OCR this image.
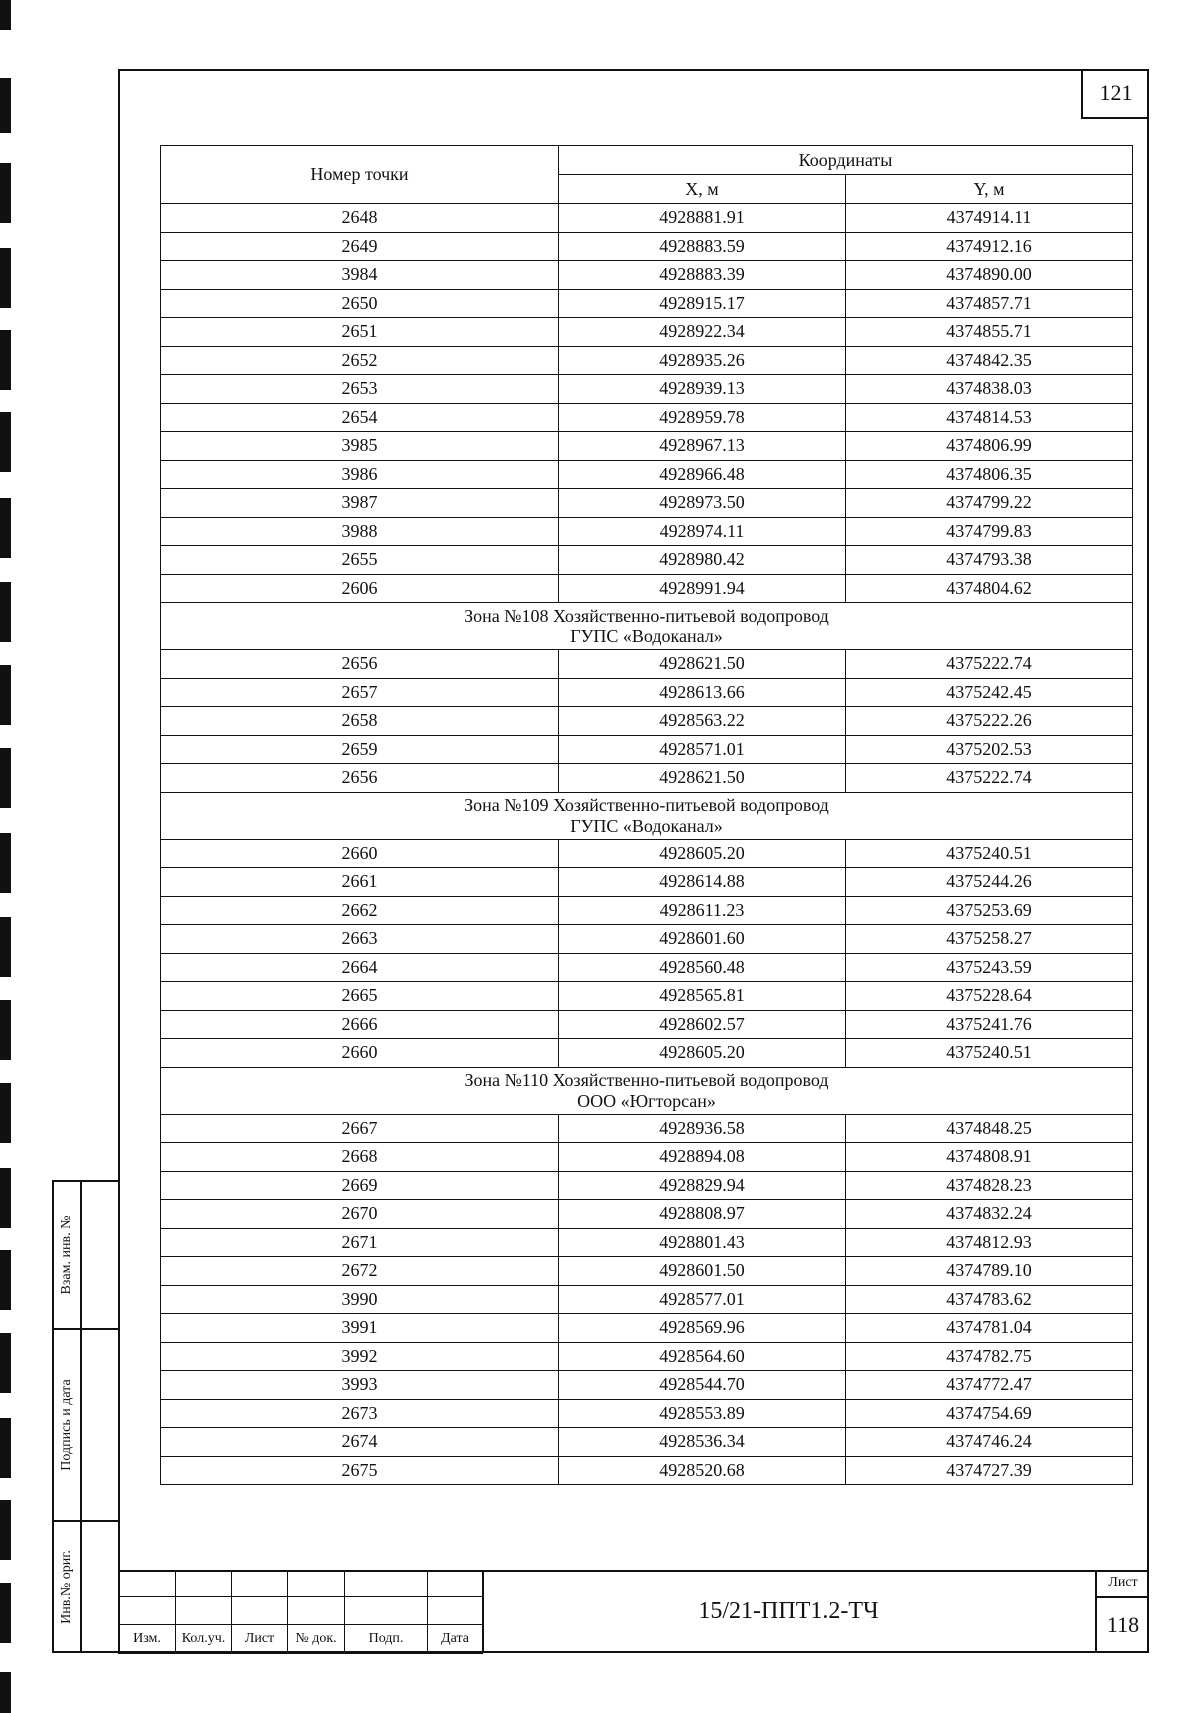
121
Номер точки	Координаты	
	X, м	Y, м
2648	4928881.91	4374914.11
2649	4928883.59	4374912.16
3984	4928883.39	4374890.00
2650	4928915.17	4374857.71
2651	4928922.34	4374855.71
2652	4928935.26	4374842.35
2653	4928939.13	4374838.03
2654	4928959.78	4374814.53
3985	4928967.13	4374806.99
3986	4928966.48	4374806.35
3987	4928973.50	4374799.22
3988	4928974.11	4374799.83
2655	4928980.42	4374793.38
2606	4928991.94	4374804.62

Зона №108 Хозяйственно-питьевой водопровод
ГУПС «Водоканал»		

2656	4928621.50	4375222.74
2657	4928613.66	4375242.45
2658	4928563.22	4375222.26
2659	4928571.01	4375202.53
2656	4928621.50	4375222.74

Зона №109 Хозяйственно-питьевой водопровод
ГУПС «Водоканал»		

2660	4928605.20	4375240.51
2661	4928614.88	4375244.26
2662	4928611.23	4375253.69
2663	4928601.60	4375258.27
2664	4928560.48	4375243.59
2665	4928565.81	4375228.64
2666	4928602.57	4375241.76
2660	4928605.20	4375240.51

Зона №110 Хозяйственно-питьевой водопровод
ООО «Югторсан»		

2667	4928936.58	4374848.25
2668	4928894.08	4374808.91
2669	4928829.94	4374828.23
2670	4928808.97	4374832.24
2671	4928801.43	4374812.93
2672	4928601.50	4374789.10
3990	4928577.01	4374783.62
3991	4928569.96	4374781.04
3992	4928564.60	4374782.75
3993	4928544.70	4374772.47
2673	4928553.89	4374754.69
2674	4928536.34	4374746.24
2675	4928520.68	4374727.39
Взам. инв. №
Подпись и дата
Инв.№ ориг.

Изм.	Кол.уч.	Лист	№ док.	Подп.	Дата
15/21-ППТ1.2-ТЧ
Лист
118
